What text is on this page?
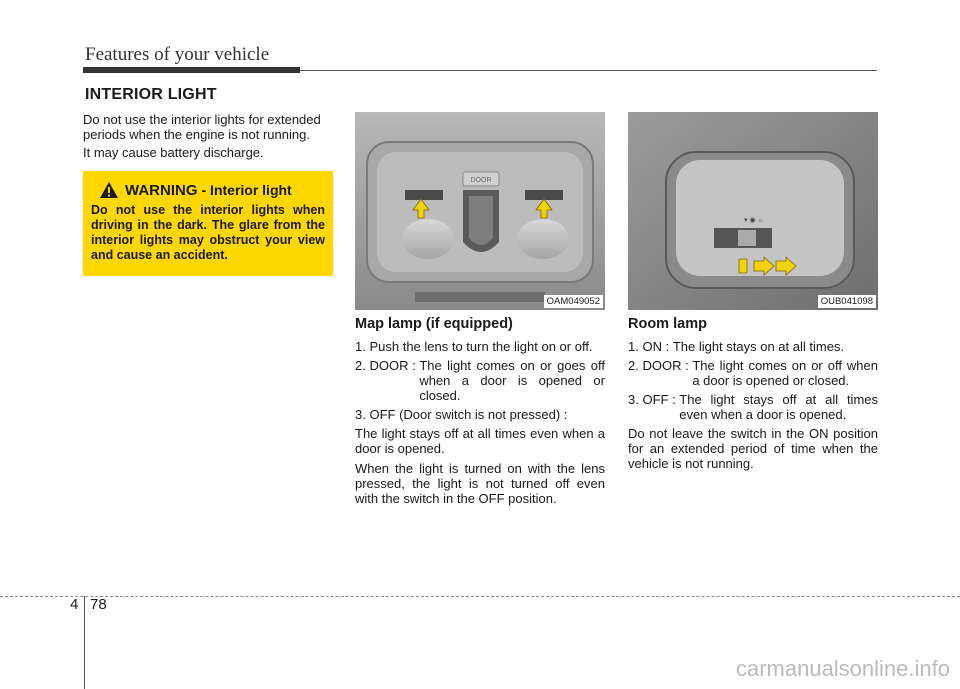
Features of your vehicle
INTERIOR LIGHT
Do not use the interior lights for extended periods when the engine is not running.
It may cause battery discharge.
WARNING - Interior light
Do not use the interior lights when driving in the dark. The glare from the interior lights may obstruct your view and cause an accident.
DOOR
OAM049052
▾ ◉ ☼
OUB041098
Map lamp (if equipped)	Room lamp
1.
Push the lens to turn the light on or off.
2. DOOR : The light comes on or goes off when a door is opened or closed.
3.
OFF (Door switch is not pressed) :

The light stays off at all times even when a door is opened.

When the light is turned on with the lens pressed, the light is not turned off even with the switch in the OFF position.

1. ON : The light stays on at all times.
2. DOOR : The light comes on or off when a door is opened or closed.
3. OFF : The light stays off at all times even when a door is opened.

Do not leave the switch in the ON position for an extended period of time when the vehicle is not running.

4 78
carmanualsonline.info
